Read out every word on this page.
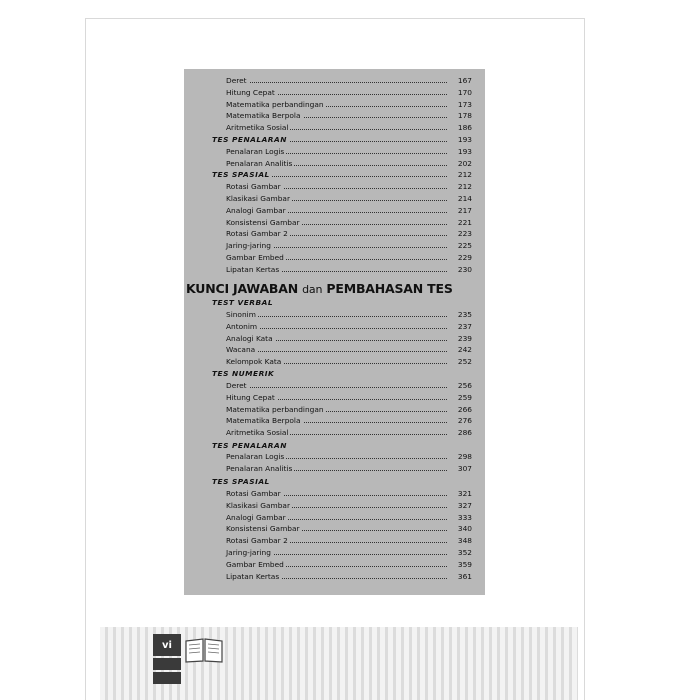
Deret	167
Hitung Cepat	170
Matematika perbandingan	173
Matematika Berpola	178
Aritmetika Sosial	186
TES PENALARAN	193
Penalaran Logis	193
Penalaran Analitis	202
TES SPASIAL	212
Rotasi Gambar	212
Klasikasi Gambar	214
Analogi Gambar	217
Konsistensi Gambar	221
Rotasi Gambar 2	223
Jaring-jaring	225
Gambar Embed	229
Lipatan Kertas	230
KUNCI JAWABAN dan PEMBAHASAN TES
TEST VERBAL
Sinonim	235
Antonim	237
Analogi Kata	239
Wacana	242
Kelompok Kata	252
TES NUMERIK
Deret	256
Hitung Cepat	259
Matematika perbandingan	266
Matematika Berpola	276
Aritmetika Sosial	286
TES PENALARAN
Penalaran Logis	298
Penalaran Analitis	307
TES SPASIAL
Rotasi Gambar	321
Klasikasi Gambar	327
Analogi Gambar	333
Konsistensi Gambar	340
Rotasi Gambar 2	348
Jaring-jaring	352
Gambar Embed	359
Lipatan Kertas	361
vi
